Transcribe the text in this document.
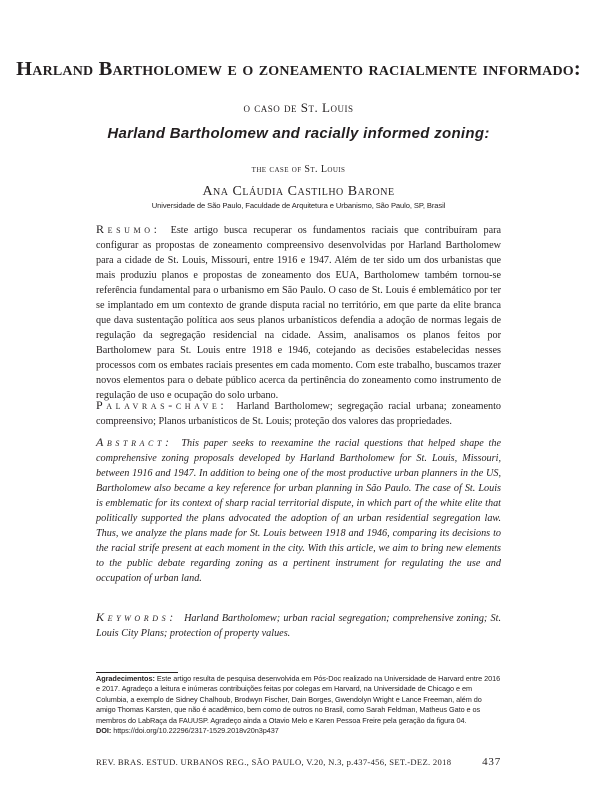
Harland Bartholomew e o zoneamento racialmente informado:
o caso de St. Louis
Harland Bartholomew and racially informed zoning:
the case of St. Louis
Ana Cláudia Castilho Barone
Universidade de São Paulo, Faculdade de Arquitetura e Urbanismo, São Paulo, SP, Brasil
Resumo: Este artigo busca recuperar os fundamentos raciais que contribuíram para configurar as propostas de zoneamento compreensivo desenvolvidas por Harland Bartholomew para a cidade de St. Louis, Missouri, entre 1916 e 1947. Além de ter sido um dos urbanistas que mais produziu planos e propostas de zoneamento dos EUA, Bartholomew também tornou-se referência fundamental para o urbanismo em São Paulo. O caso de St. Louis é emblemático por ter se implantado em um contexto de grande disputa racial no território, em que parte da elite branca que dava sustentação política aos seus planos urbanísticos defendia a adoção de normas legais de regulação da segregação residencial na cidade. Assim, analisamos os planos feitos por Bartholomew para St. Louis entre 1918 e 1946, cotejando as decisões estabelecidas nesses processos com os embates raciais presentes em cada momento. Com este trabalho, buscamos trazer novos elementos para o debate público acerca da pertinência do zoneamento como instrumento de regulação de uso e ocupação do solo urbano.
Palavras-chave: Harland Bartholomew; segregação racial urbana; zoneamento compreensivo; Planos urbanísticos de St. Louis; proteção dos valores das propriedades.
Abstract: This paper seeks to reexamine the racial questions that helped shape the comprehensive zoning proposals developed by Harland Bartholomew for St. Louis, Missouri, between 1916 and 1947. In addition to being one of the most productive urban planners in the US, Bartholomew also became a key reference for urban planning in São Paulo. The case of St. Louis is emblematic for its context of sharp racial territorial dispute, in which part of the white elite that politically supported the plans advocated the adoption of an urban residential segregation law. Thus, we analyze the plans made for St. Louis between 1918 and 1946, comparing its decisions to the racial strife present at each moment in the city. With this article, we aim to bring new elements to the public debate regarding zoning as a pertinent instrument for regulating the use and occupation of urban land.
Keywords: Harland Bartholomew; urban racial segregation; comprehensive zoning; St. Louis City Plans; protection of property values.
Agradecimentos: Este artigo resulta de pesquisa desenvolvida em Pós-Doc realizado na Universidade de Harvard entre 2016 e 2017. Agradeço a leitura e inúmeras contribuições feitas por colegas em Harvard, na Universidade de Chicago e em Columbia, a exemplo de Sidney Chalhoub, Brodwyn Fischer, Dain Borges, Gwendolyn Wright e Lance Freeman, além do amigo Thomas Karsten, que não é acadêmico, bem como de outros no Brasil, como Sarah Feldman, Matheus Gato e os membros do LabRaça da FAUUSP. Agradeço ainda a Otavio Melo e Karen Pessoa Freire pela geração da figura 04.
DOI: https://doi.org/10.22296/2317-1529.2018v20n3p437
REV. BRAS. ESTUD. URBANOS REG., SÃO PAULO, V.20, N.3, p.437-456, SET.-DEZ. 2018	437
